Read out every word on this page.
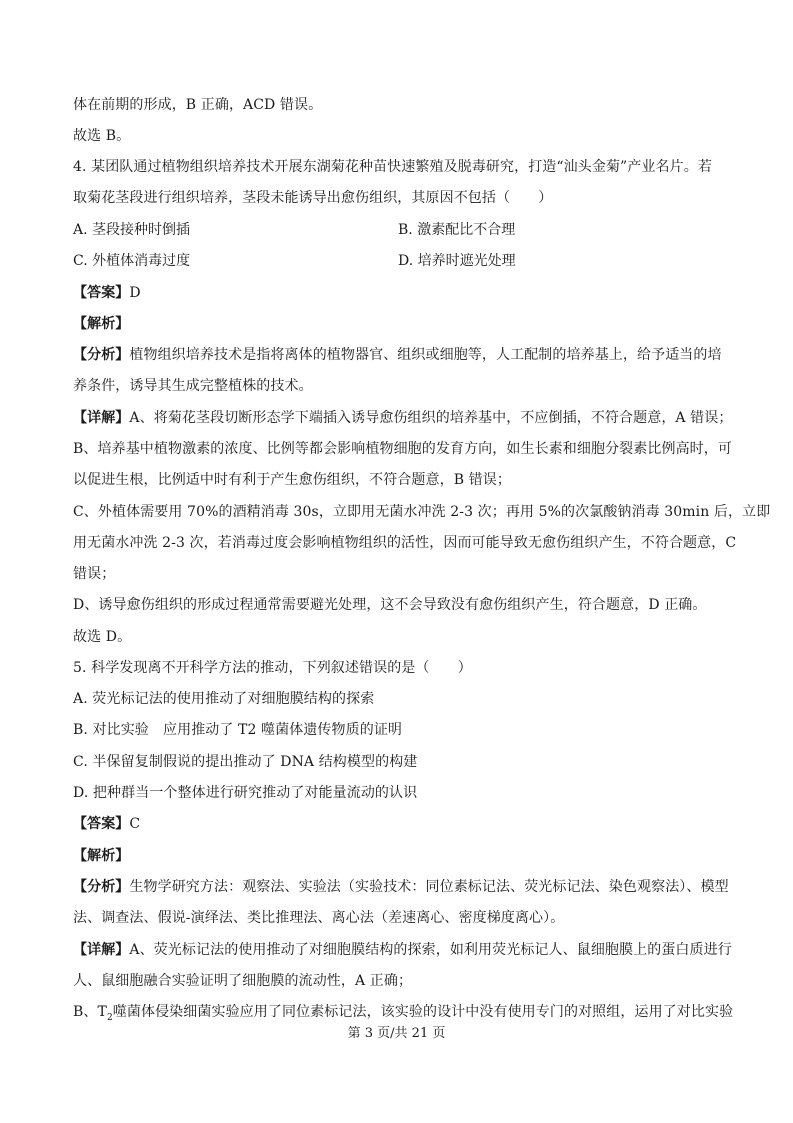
体在前期的形成，B 正确，ACD 错误。
故选 B。
4. 某团队通过植物组织培养技术开展东湖菊花种苗快速繁殖及脱毒研究，打造“汕头金菊”产业名片。若
取菊花茎段进行组织培养，茎段未能诱导出愈伤组织，其原因不包括（　　）
A. 茎段接种时倒插	B. 激素配比不合理
C. 外植体消毒过度	D. 培养时遮光处理
【答案】D
【解析】
【分析】植物组织培养技术是指将离体的植物器官、组织或细胞等，人工配制的培养基上，给予适当的培
养条件，诱导其生成完整植株的技术。
【详解】A、将菊花茎段切断形态学下端插入诱导愈伤组织的培养基中，不应倒插，不符合题意，A 错误；
B、培养基中植物激素的浓度、比例等都会影响植物细胞的发育方向，如生长素和细胞分裂素比例高时，可
以促进生根，比例适中时有利于产生愈伤组织，不符合题意，B 错误；
C、外植体需要用 70%的酒精消毒 30s，立即用无菌水冲洗 2-3 次；再用 5%的次氯酸钠消毒 30min 后，立即
用无菌水冲洗 2-3 次，若消毒过度会影响植物组织的活性，因而可能导致无愈伤组织产生，不符合题意，C
错误；
D、诱导愈伤组织的形成过程通常需要避光处理，这不会导致没有愈伤组织产生，符合题意，D 正确。
故选 D。
5. 科学发现离不开科学方法的推动，下列叙述错误的是（　　）
A. 荧光标记法的使用推动了对细胞膜结构的探索
B. 对比实验　应用推动了 T2 噬菌体遗传物质的证明
C. 半保留复制假说的提出推动了 DNA 结构模型的构建
D. 把种群当一个整体进行研究推动了对能量流动的认识
【答案】C
【解析】
【分析】生物学研究方法：观察法、实验法（实验技术：同位素标记法、荧光标记法、染色观察法）、模型
法、调查法、假说-演绎法、类比推理法、离心法（差速离心、密度梯度离心）。
【详解】A、荧光标记法的使用推动了对细胞膜结构的探索，如利用荧光标记人、鼠细胞膜上的蛋白质进行
人、鼠细胞融合实验证明了细胞膜的流动性，A 正确；
B、$T_2$噬菌体侵染细菌实验应用了同位素标记法，该实验的设计中没有使用专门的对照组，运用了对比实验
第 3 页/共 21 页
